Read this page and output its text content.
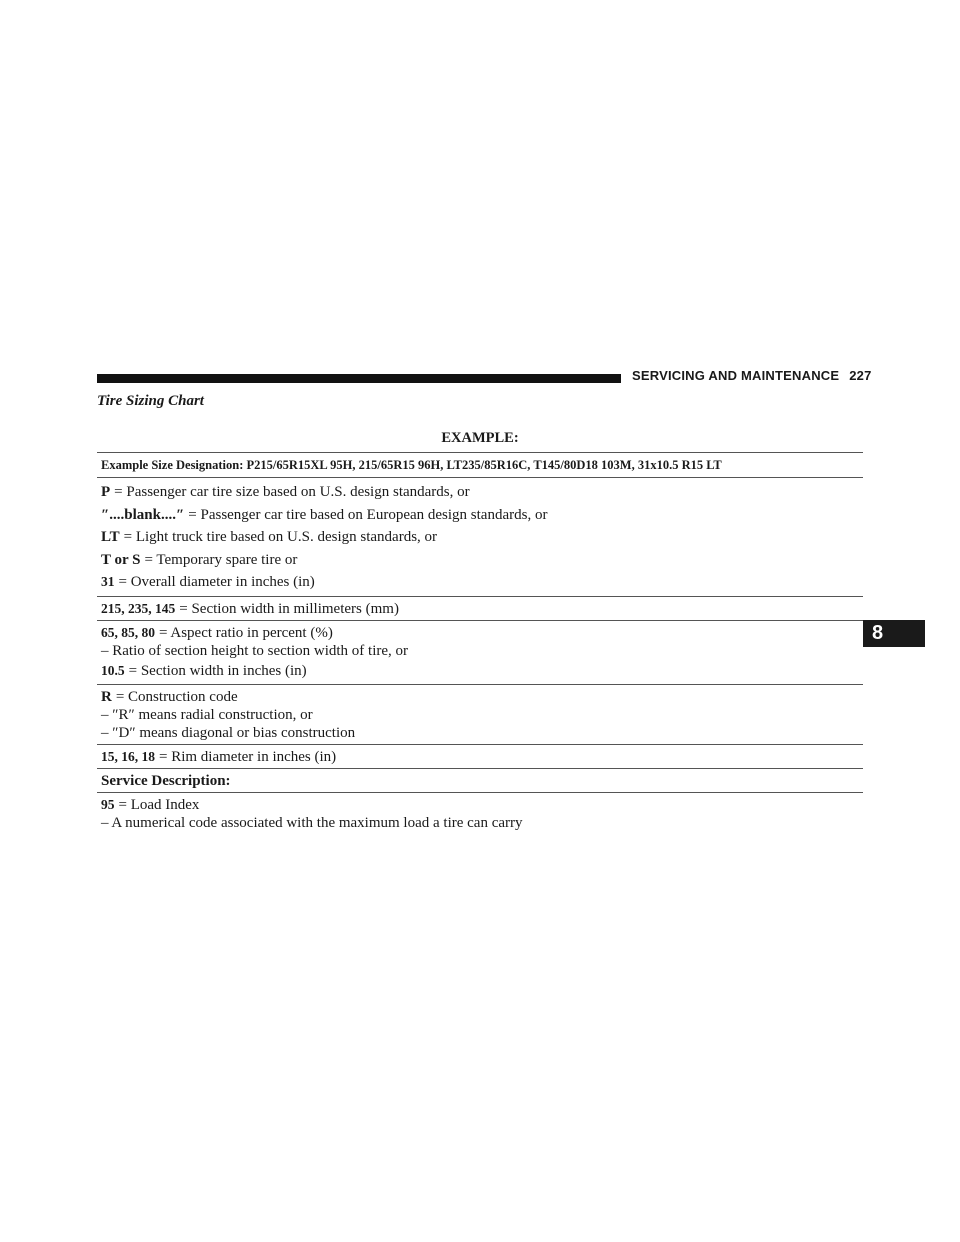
SERVICING AND MAINTENANCE 227
Tire Sizing Chart
8
EXAMPLE:
Example Size Designation: P215/65R15XL 95H, 215/65R15 96H, LT235/85R16C, T145/80D18 103M, 31x10.5 R15 LT

P = Passenger car tire size based on U.S. design standards, or

″....blank....″ = Passenger car tire based on European design standards, or

LT = Light truck tire based on U.S. design standards, or

T or S = Temporary spare tire or

31 = Overall diameter in inches (in)

215, 235, 145 = Section width in millimeters (mm)

65, 85, 80 = Aspect ratio in percent (%)

– Ratio of section height to section width of tire, or

10.5 = Section width in inches (in)

R = Construction code

– ″R″ means radial construction, or

– ″D″ means diagonal or bias construction

15, 16, 18 = Rim diameter in inches (in)

Service Description:

95 = Load Index

– A numerical code associated with the maximum load a tire can carry
